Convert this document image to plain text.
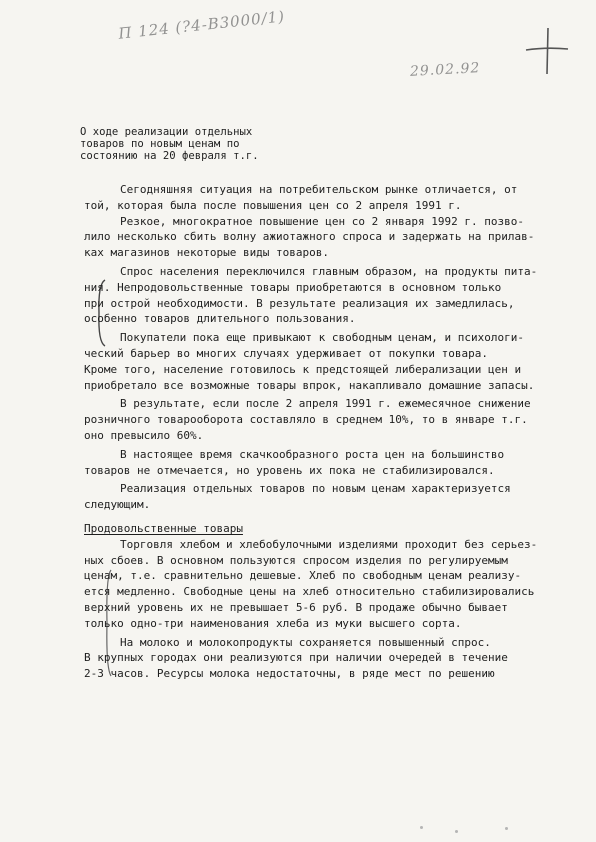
П 124 (?4-В3000/1)
29.02.92
О ходе реализации отдельных
товаров по новым ценам по
состоянию на 20 февраля т.г.
Сегодняшняя ситуация на потребительском рынке отличается, от
той, которая была после повышения цен со 2 апреля 1991 г.
Резкое, многократное повышение цен со 2 января 1992 г. позво-
лило несколько сбить волну ажиотажного спроса и задержать на прилав-
ках магазинов некоторые виды товаров.
Спрос населения переключился главным образом, на продукты пита-
ния. Непродовольственные товары приобретаются в основном только
при острой необходимости. В результате реализация их замедлилась,
особенно товаров длительного пользования.
Покупатели пока еще привыкают к свободным ценам, и психологи-
ческий барьер во многих случаях удерживает от покупки товара.
Кроме того, население готовилось к предстоящей либерализации цен и
приобретало все возможные товары впрок, накапливало домашние запасы.
В результате, если после 2 апреля 1991 г. ежемесячное снижение
розничного товарооборота составляло в среднем 10%, то в январе т.г.
оно превысило 60%.
В настоящее время скачкообразного роста цен на большинство
товаров не отмечается, но уровень их пока не стабилизировался.
Реализация отдельных товаров по новым ценам характеризуется
следующим.
Продовольственные товары
Торговля хлебом и хлебобулочными изделиями проходит без серьез-
ных сбоев. В основном пользуются спросом изделия по регулируемым
ценам, т.е. сравнительно дешевые. Хлеб по свободным ценам реализу-
ется медленно. Свободные цены на хлеб относительно стабилизировались
верхний уровень их не превышает 5-6 руб. В продаже обычно бывает
только одно-три наименования хлеба из муки высшего сорта.
На молоко и молокопродукты сохраняется повышенный спрос.
В крупных городах они реализуются при наличии очередей в течение
2-3 часов. Ресурсы молока недостаточны, в ряде мест по решению
